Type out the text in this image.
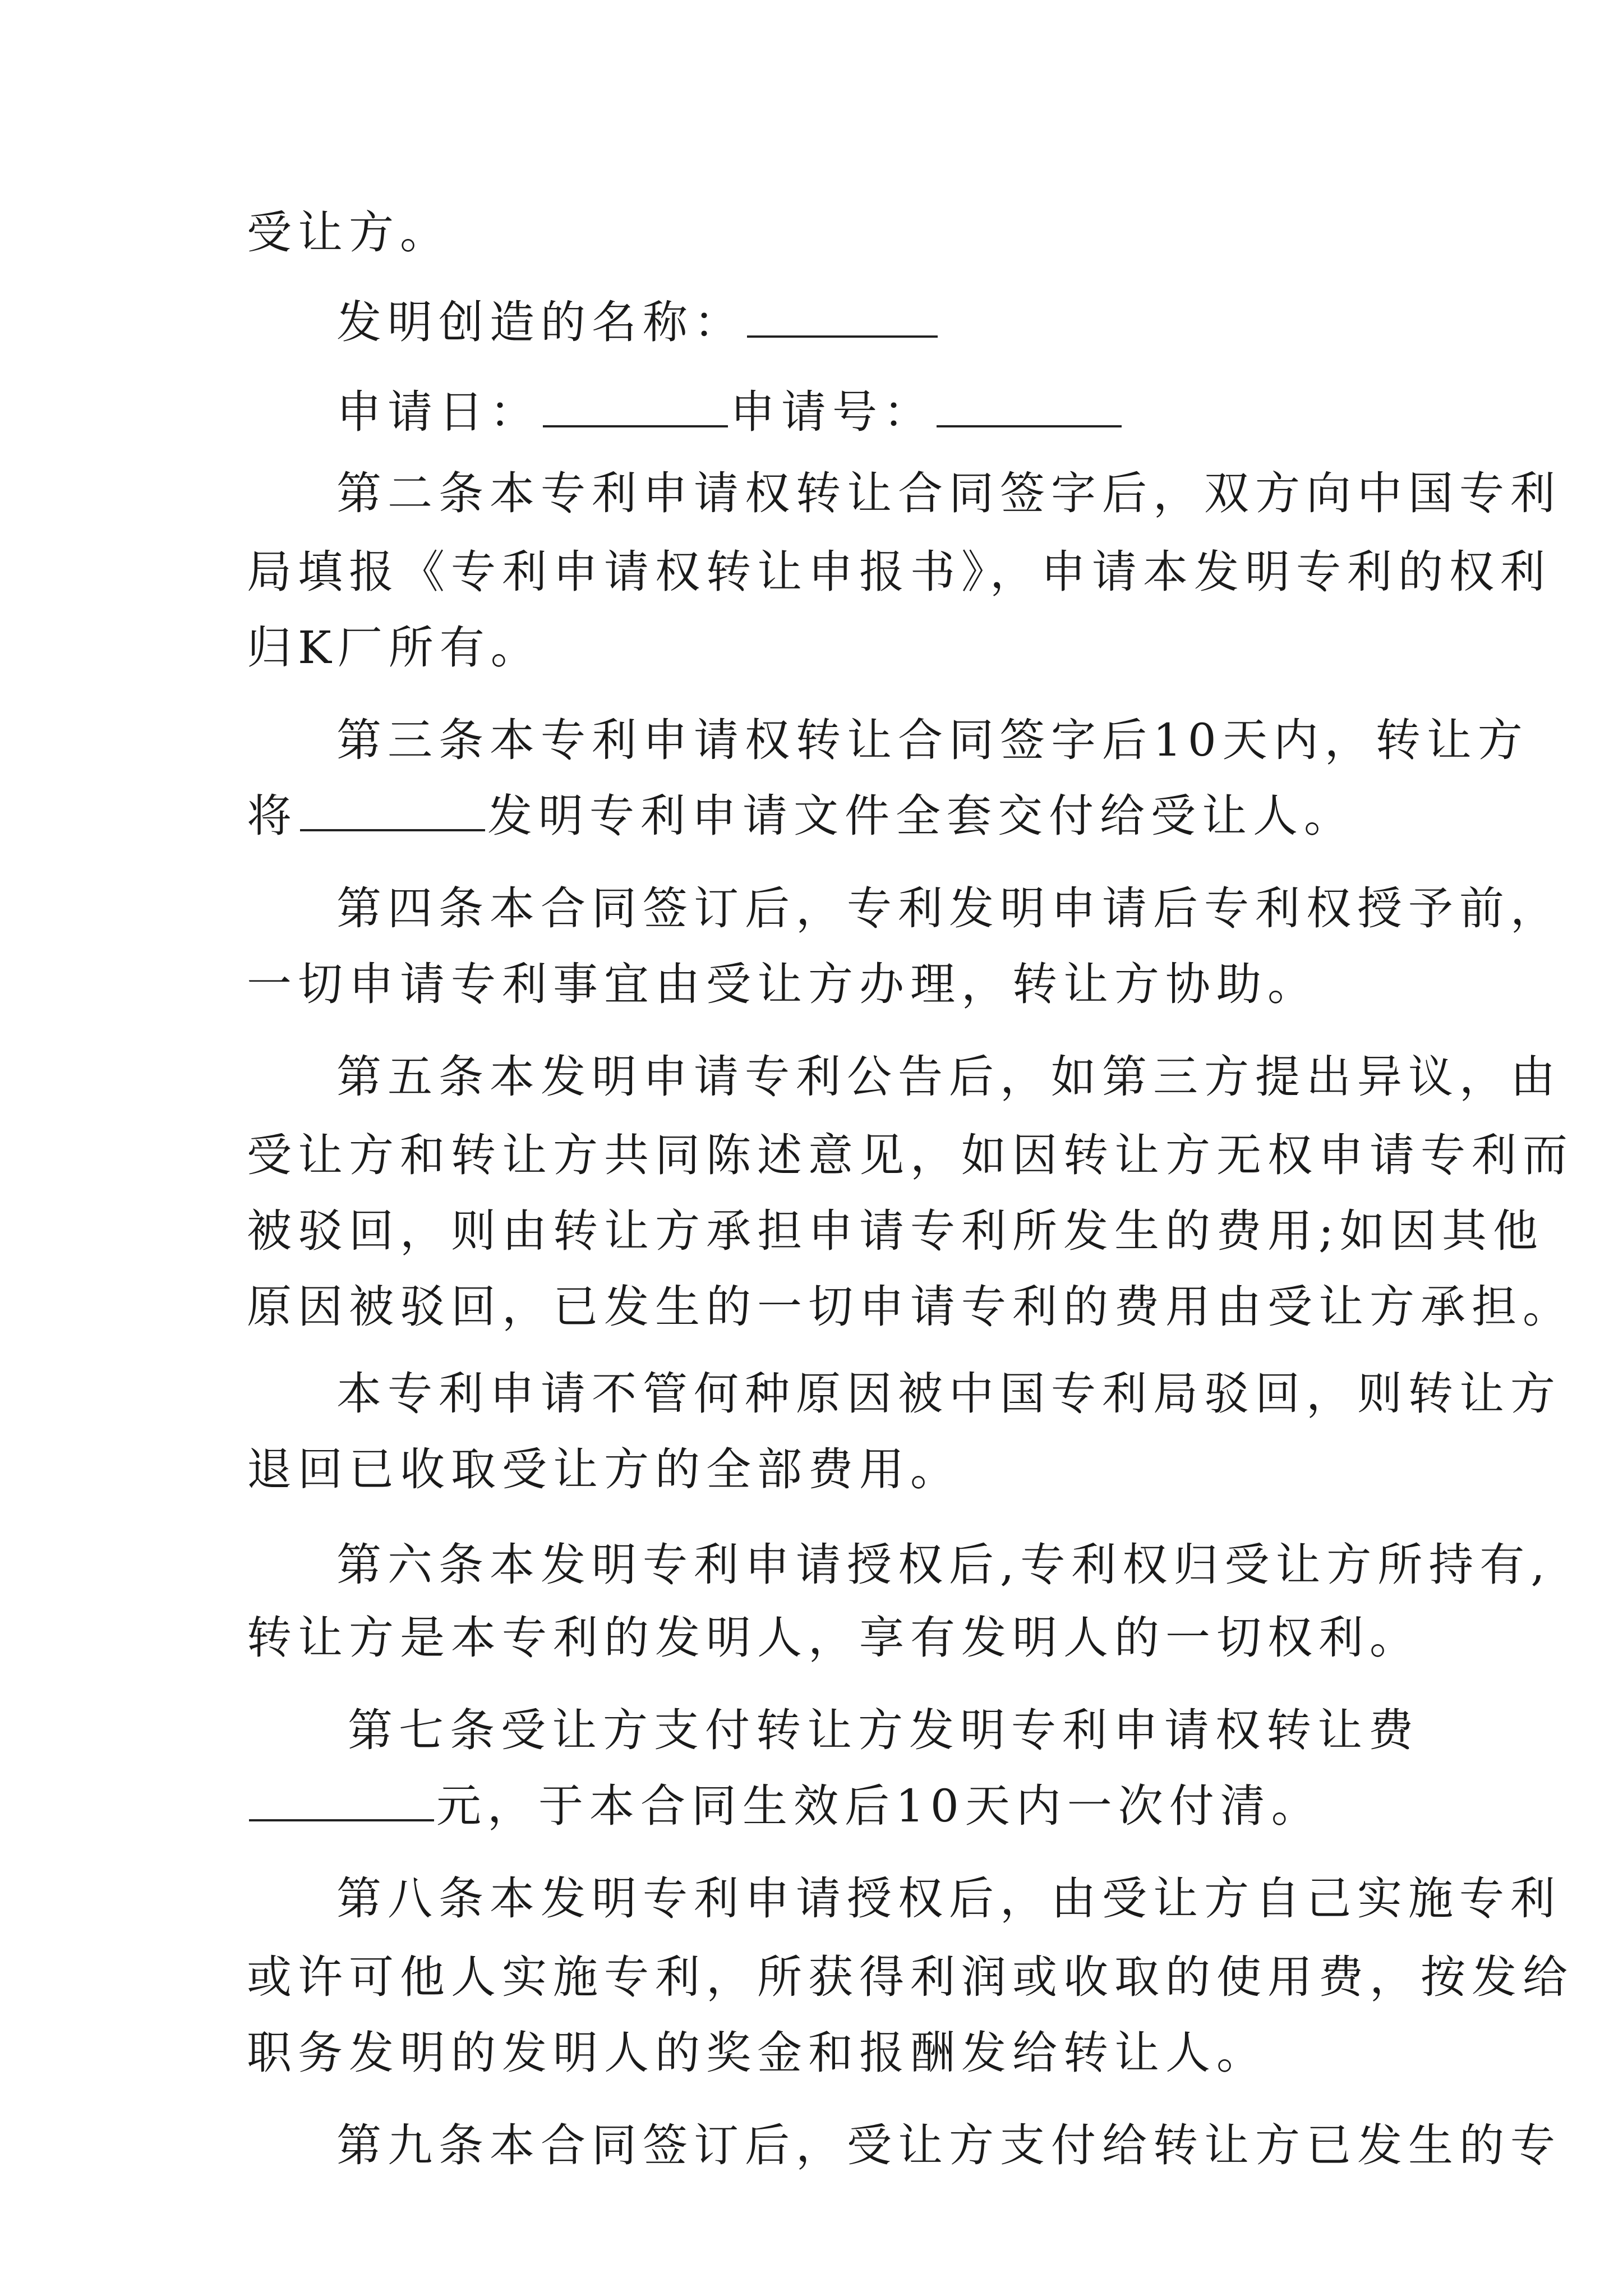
受让方。
发明创造的名称：
申请日：	申请号：
第二条本专利申请权转让合同签字后，双方向中国专利
局填报《专利申请权转让申报书》，申请本发明专利的权利
归K厂所有。
第三条本专利申请权转让合同签字后10天内，转让方
将	发明专利申请文件全套交付给受让人。
第四条本合同签订后，专利发明申请后专利权授予前，
一切申请专利事宜由受让方办理，转让方协助。
第五条本发明申请专利公告后，如第三方提出异议，由
受让方和转让方共同陈述意见，如因转让方无权申请专利而
被驳回，则由转让方承担申请专利所发生的费用;如因其他
原因被驳回，已发生的一切申请专利的费用由受让方承担。
本专利申请不管何种原因被中国专利局驳回，则转让方
退回已收取受让方的全部费用。
第六条本发明专利申请授权后,专利权归受让方所持有,
转让方是本专利的发明人，享有发明人的一切权利。
第七条受让方支付转让方发明专利申请权转让费
元，于本合同生效后10天内一次付清。
第八条本发明专利申请授权后，由受让方自己实施专利
或许可他人实施专利，所获得利润或收取的使用费，按发给
职务发明的发明人的奖金和报酬发给转让人。
第九条本合同签订后，受让方支付给转让方已发生的专
